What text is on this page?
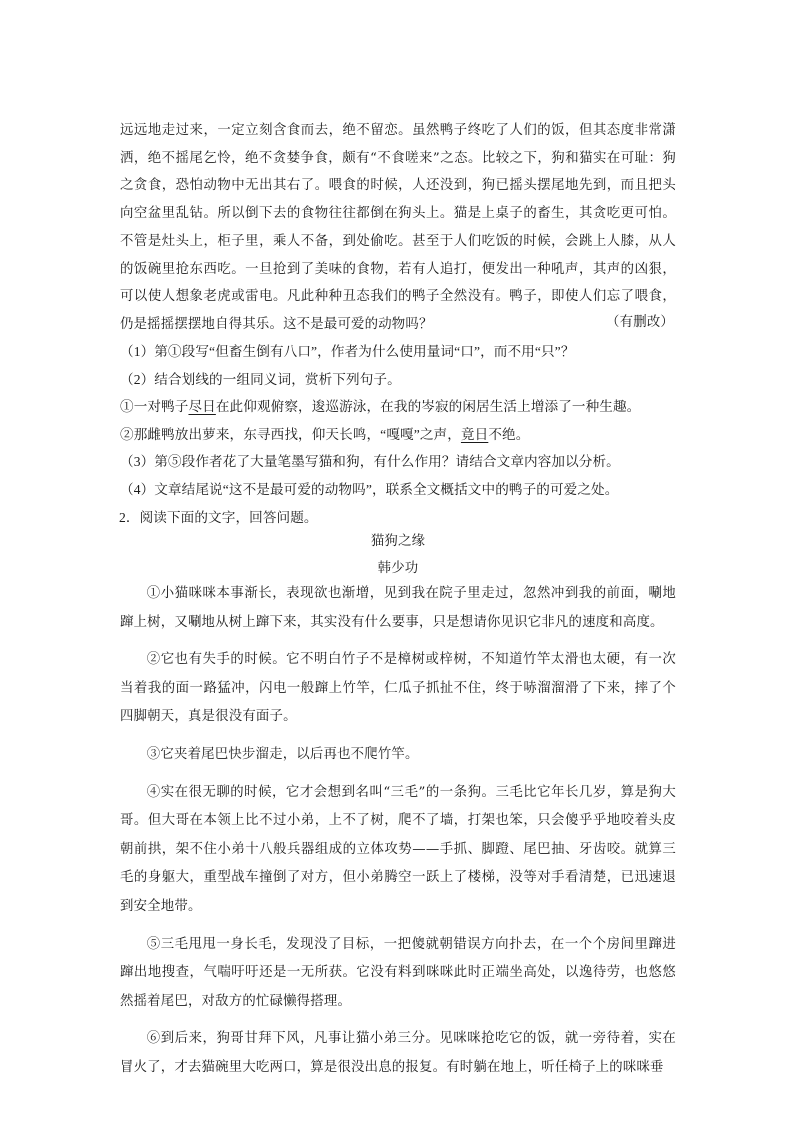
远远地走过来，一定立刻含食而去，绝不留恋。虽然鸭子终吃了人们的饭，但其态度非常潇洒，绝不摇尾乞怜，绝不贪婪争食，颇有“不食嗟来”之态。比较之下，狗和猫实在可耻：狗之贪食，恐怕动物中无出其右了。喂食的时候，人还没到，狗已摇头摆尾地先到，而且把头向空盆里乱钻。所以倒下去的食物往往都倒在狗头上。猫是上桌子的畜生，其贪吃更可怕。不管是灶头上，柜子里，乘人不备，到处偷吃。甚至于人们吃饭的时候，会跳上人膝，从人的饭碗里抢东西吃。一旦抢到了美味的食物，若有人追打，便发出一种吼声，其声的凶狠，可以使人想象老虎或雷电。凡此种种丑态我们的鸭子全然没有。鸭子，即使人们忘了喂食，仍是摇摇摆摆地自得其乐。这不是最可爱的动物吗？	（有删改）

（1）第①段写“但畜生倒有八口”，作者为什么使用量词“口”，而不用“只”？

（2）结合划线的一组同义词，赏析下列句子。

①一对鸭子尽日在此仰观俯察，逡巡游泳，在我的岑寂的闲居生活上增添了一种生趣。

②那雌鸭放出萝来，东寻西找，仰天长鸣，“嘎嘎”之声，竟日不绝。

（3）第⑤段作者花了大量笔墨写猫和狗，有什么作用？请结合文章内容加以分析。

（4）文章结尾说“这不是最可爱的动物吗”，联系全文概括文中的鸭子的可爱之处。

2．阅读下面的文字，回答问题。

猫狗之缘

韩少功

①小猫咪咪本事渐长，表现欲也渐增，见到我在院子里走过，忽然冲到我的前面，唰地蹿上树，又唰地从树上蹿下来，其实没有什么要事，只是想请你见识它非凡的速度和高度。

②它也有失手的时候。它不明白竹子不是樟树或梓树，不知道竹竿太滑也太硬，有一次当着我的面一路猛冲，闪电一般蹿上竹竿，仁瓜子抓扯不住，终于哧溜溜滑了下来，摔了个四脚朝天，真是很没有面子。

③它夹着尾巴快步溜走，以后再也不爬竹竿。

④实在很无聊的时候，它才会想到名叫“三毛”的一条狗。三毛比它年长几岁，算是狗大哥。但大哥在本领上比不过小弟，上不了树，爬不了墙，打架也笨，只会傻乎乎地咬着头皮朝前拱，架不住小弟十八般兵器组成的立体攻势——手抓、脚蹬、尾巴抽、牙齿咬。就算三毛的身躯大，重型战车撞倒了对方，但小弟腾空一跃上了楼梯，没等对手看清楚，已迅速退到安全地带。

⑤三毛甩甩一身长毛，发现没了目标，一把傻就朝错误方向扑去，在一个个房间里蹿进蹿出地搜查，气喘吁吁还是一无所获。它没有料到咪咪此时正端坐高处，以逸待劳，也悠悠然摇着尾巴，对敌方的忙碌懒得搭理。

⑥到后来，狗哥甘拜下风，凡事让猫小弟三分。见咪咪抢吃它的饭，就一旁待着，实在冒火了，才去猫碗里大吃两口，算是很没出息的报复。有时躺在地上，听任椅子上的咪咪垂
